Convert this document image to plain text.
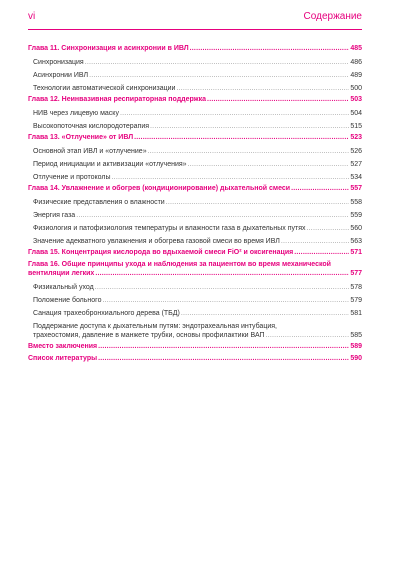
vi	Содержание
Глава 11. Синхронизация и асинхронии в ИВЛ .....	485
Синхронизация .....	486
Асинхронии ИВЛ .....	489
Технологии автоматической синхронизации .....	500
Глава 12. Неинвазивная респираторная поддержка .....	503
НИВ через лицевую маску .....	504
Высокопоточная кислородотерапия .....	515
Глава 13. «Отлучение» от ИВЛ .....	523
Основной этап ИВЛ и «отлучение» .....	526
Период инициации и активизации «отлучения» .....	527
Отлучение и протоколы .....	534
Глава 14. Увлажнение и обогрев (кондиционирование) дыхательной смеси .....	557
Физические представления о влажности .....	558
Энергия газа .....	559
Физиология и патофизиология температуры и влажности газа в дыхательных путях .....	560
Значение адекватного увлажнения и обогрева газовой смеси во время ИВЛ .....	563
Глава 15. Концентрация кислорода во вдыхаемой смеси FiO² и оксигенация .....	571
Глава 16. Общие принципы ухода и наблюдения за пациентом во время механической
вентиляции легких .....	577
Физикальный уход .....	578
Положение больного .....	579
Санация трахеобронхиального дерева (ТБД) .....	581
Поддержание доступа к дыхательным путям: эндотрахеальная интубация,
трахеостомия, давление в манжете трубки, основы профилактики ВАП .....	585
Вместо заключения .....	589
Список литературы .....	590
